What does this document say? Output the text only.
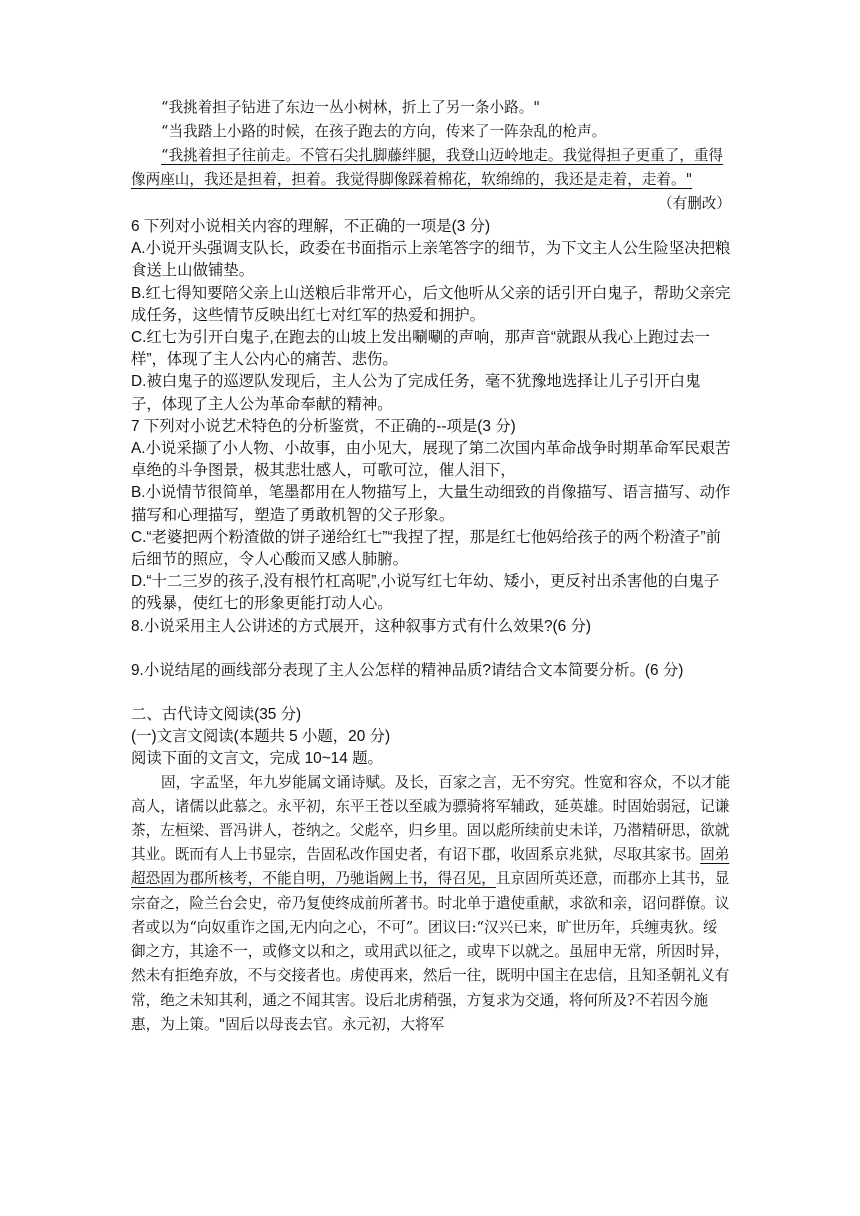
“我挑着担子钻进了东边一丛小树林，折上了另一条小路。"

“当我踏上小路的时候，在孩子跑去的方向，传来了一阵杂乱的枪声。

“我挑着担子往前走。不管石尖扎脚藤绊腿，我登山迈岭地走。我觉得担子更重了，重得像两座山，我还是担着，担着。我觉得脚像踩着棉花，软绵绵的，我还是走着，走着。"

（有删改）

6 下列对小说相关内容的理解，不正确的一项是(3 分)

A.小说开头强调支队长，政委在书面指示上亲笔答字的细节，为下文主人公生险坚决把粮食送上山做铺垫。

B.红七得知要陪父亲上山送粮后非常开心，后文他听从父亲的话引开白鬼子，帮助父亲完成任务，这些情节反映出红七对红军的热爱和拥护。

C.红七为引开白鬼子,在跑去的山坡上发出唰唰的声响，那声音“就跟从我心上跑过去一样”，体现了主人公内心的痛苦、悲伤。

D.被白鬼子的巡逻队发现后，主人公为了完成任务，毫不犹豫地选择让儿子引开白鬼子，体现了主人公为革命奉献的精神。

7 下列对小说艺术特色的分析鉴赏，不正确的--项是(3 分)

A.小说采撷了小人物、小故事，由小见大，展现了第二次国内革命战争时期革命军民艰苦卓绝的斗争图景，极其悲壮感人，可歌可泣，催人泪下，

B.小说情节很简单，笔墨都用在人物描写上，大量生动细致的肖像描写、语言描写、动作描写和心理描写，塑造了勇敢机智的父子形象。

C.“老婆把两个粉渣做的饼子递给红七”“我捏了捏，那是红七他妈给孩子的两个粉渣子”前后细节的照应，令人心酸而又感人肺腑。

D.“十二三岁的孩子,没有根竹杠高呢”,小说写红七年幼、矮小，更反衬出杀害他的白鬼子的残暴，使红七的形象更能打动人心。

8.小说采用主人公讲述的方式展开，这种叙事方式有什么效果?(6 分)

9.小说结尾的画线部分表现了主人公怎样的精神品质?请结合文本简要分析。(6 分)

二、古代诗文阅读(35 分)

(一)文言文阅读(本题共 5 小题，20 分)

阅读下面的文言文，完成 10~14 题。

固，字孟坚，年九岁能属文诵诗赋。及长，百家之言，无不穷究。性宽和容众，不以才能高人，诸儒以此慕之。永平初，东平王苍以至戚为骠骑将军辅政，延英雄。时固始弱冠，记谦茶，左桓梁、晋冯讲人，苍纳之。父彪卒，归乡里。固以彪所续前史未详，乃潜精研思，欲就其业。既而有人上书显宗，告固私改作国史者，有诏下郡，收固系京兆狱，尽取其家书。固弟超恐固为郡所核考，不能自明，乃驰诣阙上书，得召见，且京固所英还意，而郡亦上其书，显宗奋之，险兰台会史，帝乃复使终成前所著书。时北单于遣使重献，求欲和亲，诏问群僚。议者或以为“向奴重诈之国,无内向之心，不可”。团议曰:“汉兴已来，旷世历年，兵缠夷狄。绥御之方，其途不一，或修文以和之，或用武以征之，或卑下以就之。虽屈申无常，所因时异，然未有拒绝弃放，不与交接者也。虏使再来，然后一往，既明中国主在忠信，且知圣朝礼义有常，绝之未知其利，通之不闻其害。设后北虏稍强，方复求为交通，将何所及?不若因今施惠，为上策。"固后以母丧去官。永元初，大将军
